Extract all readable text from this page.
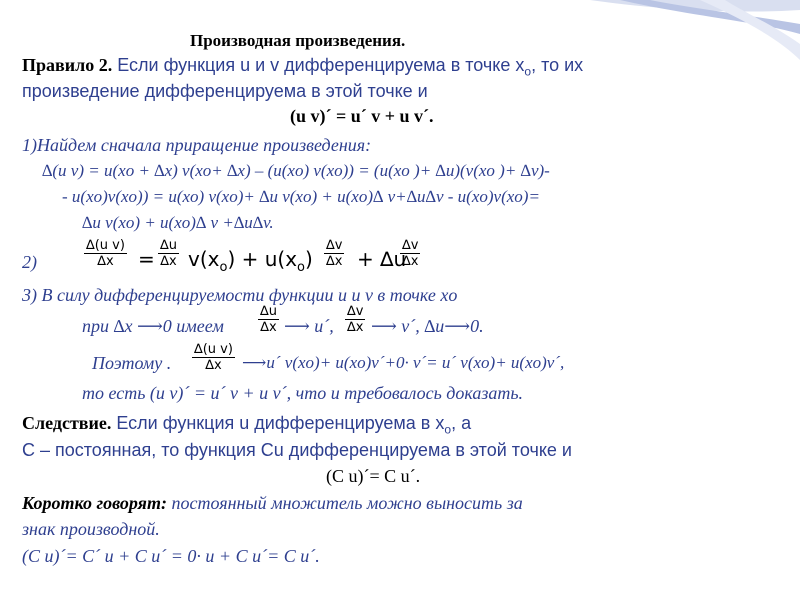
Производная произведения.
Правило 2. Если функция u и v дифференцируема в точке $x_o$, то их
произведение дифференцируема в этой точке и
(u v)´ = u´ v + u v´.
1)Найдем сначала приращение произведения:
∆(u v) = u(xo + ∆x) v(xo+ ∆x) – (u(xo) v(xo)) = (u(xo )+ ∆u)(v(xo )+ ∆v)-
- u(xo)v(xo)) = u(xo) v(xo)+ ∆u v(xo) + u(xo)∆ v+∆u∆v - u(xo)v(xo)=
∆u v(xo) + u(xo)∆ v +∆u∆v.
2)
∆(u v)
∆x	=
∆u
∆x $v(x_o) + u(x_o)$
∆v
∆x + ∆u
∆v
∆x
3) В силу дифференцируемости функции u и v в точке xo
при ∆x ⟶0 имеем
∆u
∆x ⟶ u´,
∆v
∆x ⟶ v´, ∆u⟶0.
Поэтому .
∆(u v)
∆x	⟶u´ v(xo)+ u(xo)v´+0· v´= u´ v(xo)+ u(xo)v´,
то есть (u v)´ = u´ v + u v´, что и требовалось доказать.
Следствие. Если функция u дифференцируема в $x_o$, а
С – постоянная, то функция Сu дифференцируема в этой точке и
(С u)´= C u´.
Коротко говорят: постоянный множитель можно выносить за
знак производной.
(C u)´= C´ u + C u´ = 0· u + C u´= C u´.
